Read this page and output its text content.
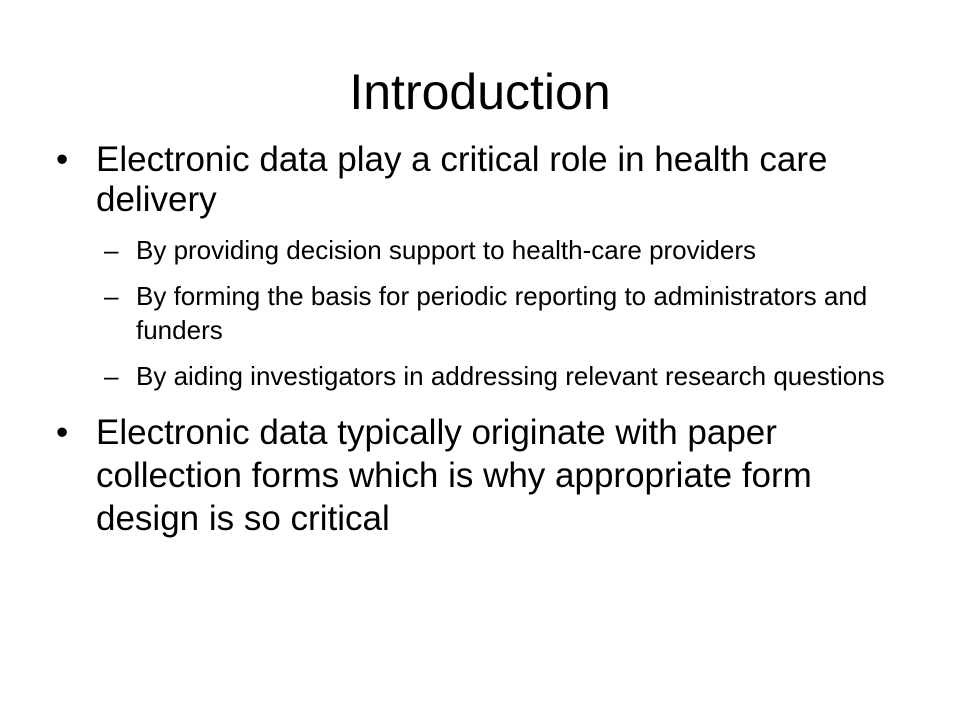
Introduction
• Electronic data play a critical role in health care delivery
– By providing decision support to health-care providers
– By forming the basis for periodic reporting to administrators and funders
– By aiding investigators in addressing relevant research questions
• Electronic data typically originate with paper collection forms which is why appropriate form design is so critical
